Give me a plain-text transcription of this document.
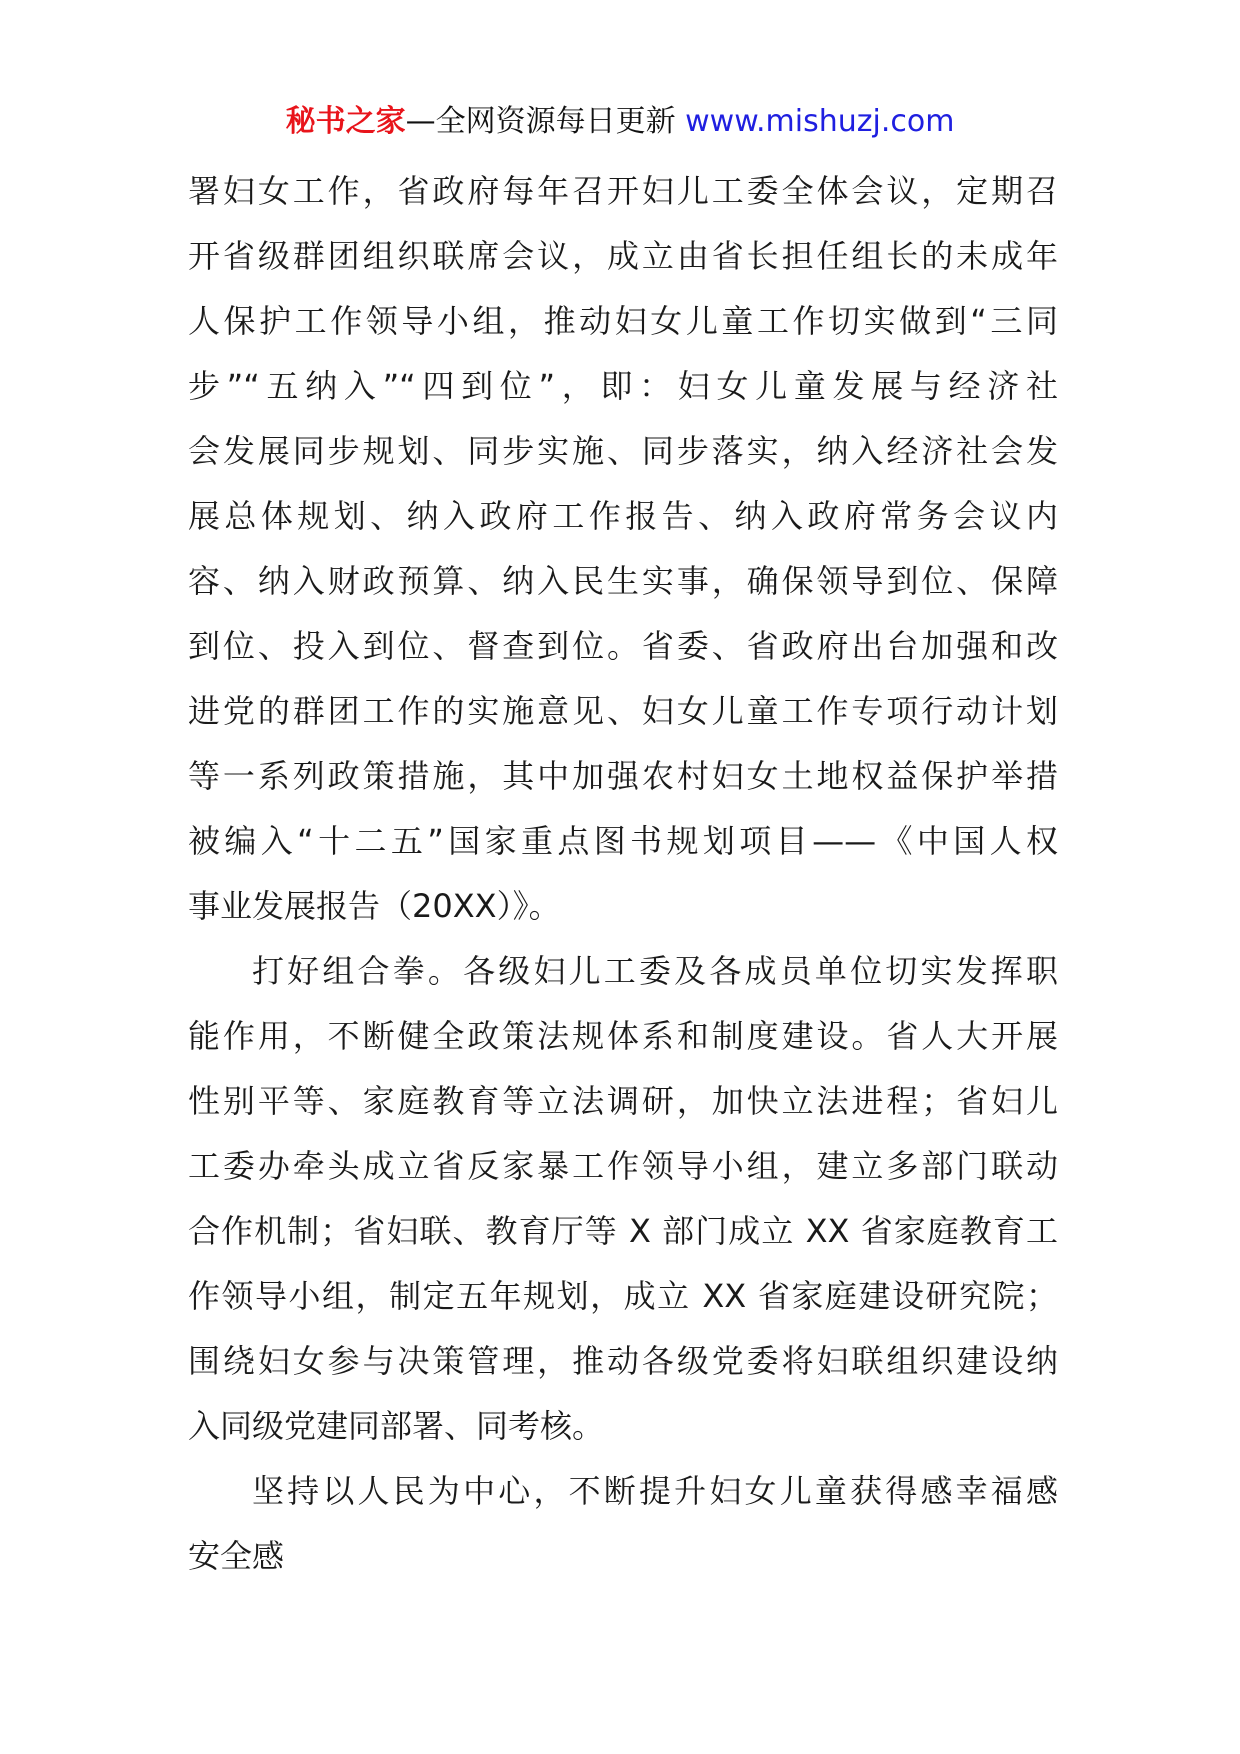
秘书之家—全网资源每日更新 www.mishuzj.com
署妇女工作，省政府每年召开妇儿工委全体会议，定期召
开省级群团组织联席会议，成立由省长担任组长的未成年
人保护工作领导小组，推动妇女儿童工作切实做到“三同
步”“五纳入”“四到位”，即：妇女儿童发展与经济社
会发展同步规划、同步实施、同步落实，纳入经济社会发
展总体规划、纳入政府工作报告、纳入政府常务会议内
容、纳入财政预算、纳入民生实事，确保领导到位、保障
到位、投入到位、督查到位。省委、省政府出台加强和改
进党的群团工作的实施意见、妇女儿童工作专项行动计划
等一系列政策措施，其中加强农村妇女土地权益保护举措
被编入“十二五”国家重点图书规划项目——《中国人权
事业发展报告（20XX）》。
打好组合拳。各级妇儿工委及各成员单位切实发挥职
能作用，不断健全政策法规体系和制度建设。省人大开展
性别平等、家庭教育等立法调研，加快立法进程；省妇儿
工委办牵头成立省反家暴工作领导小组，建立多部门联动
合作机制；省妇联、教育厅等 X 部门成立 XX 省家庭教育工
作领导小组，制定五年规划，成立 XX 省家庭建设研究院；
围绕妇女参与决策管理，推动各级党委将妇联组织建设纳
入同级党建同部署、同考核。
坚持以人民为中心，不断提升妇女儿童获得感幸福感
安全感
